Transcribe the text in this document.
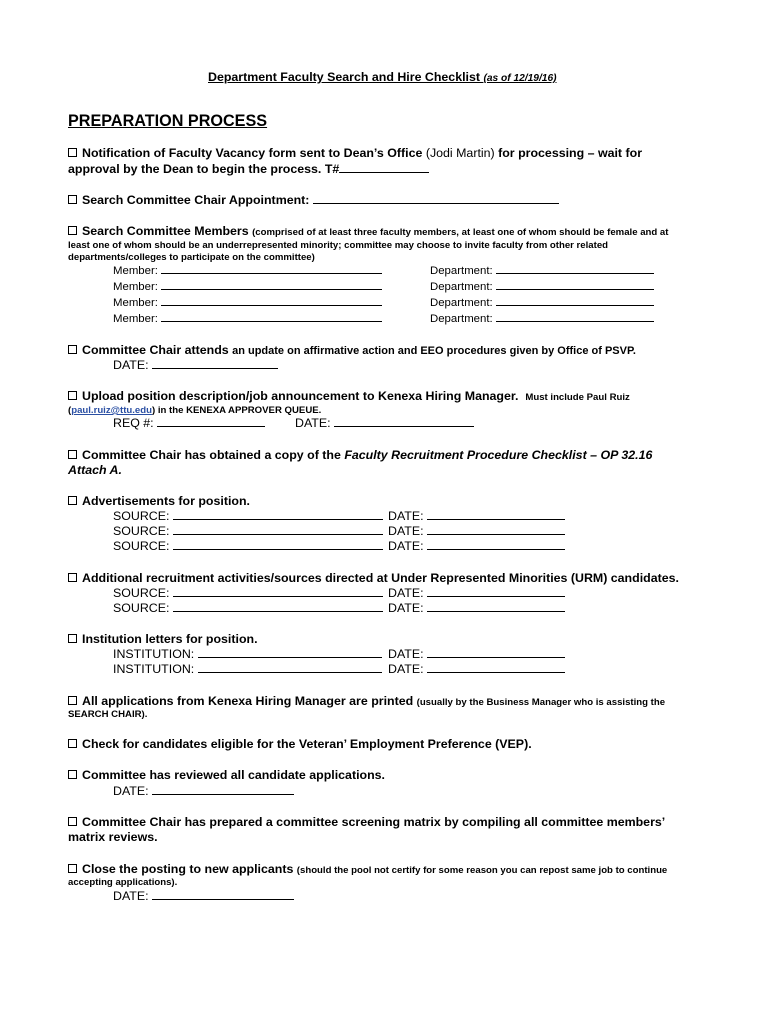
Department Faculty Search and Hire Checklist (as of 12/19/16)
PREPARATION PROCESS
Notification of Faculty Vacancy form sent to Dean’s Office (Jodi Martin) for processing – wait for
approval by the Dean to begin the process. T#
Search Committee Chair Appointment:
Search Committee Members (comprised of at least three faculty members, at least one of whom should be female and at
least one of whom should be an underrepresented minority; committee may choose to invite faculty from other related
departments/colleges to participate on the committee)
Member:	Department:
Member:	Department:
Member:	Department:
Member:	Department:
Committee Chair attends an update on affirmative action and EEO procedures given by Office of PSVP.
DATE:
Upload position description/job announcement to Kenexa Hiring Manager. Must include Paul Ruiz
(paul.ruiz@ttu.edu) in the KENEXA APPROVER QUEUE.
REQ #:	DATE:
Committee Chair has obtained a copy of the Faculty Recruitment Procedure Checklist – OP 32.16
Attach A.
Advertisements for position.
SOURCE:	DATE:
SOURCE:	DATE:
SOURCE:	DATE:
Additional recruitment activities/sources directed at Under Represented Minorities (URM) candidates.
SOURCE:	DATE:
SOURCE:	DATE:
Institution letters for position.
INSTITUTION:	DATE:
INSTITUTION:	DATE:
All applications from Kenexa Hiring Manager are printed (usually by the Business Manager who is assisting the
SEARCH CHAIR).
Check for candidates eligible for the Veteran’ Employment Preference (VEP).
Committee has reviewed all candidate applications.
DATE:
Committee Chair has prepared a committee screening matrix by compiling all committee members’
matrix reviews.
Close the posting to new applicants (should the pool not certify for some reason you can repost same job to continue
accepting applications).
DATE:
